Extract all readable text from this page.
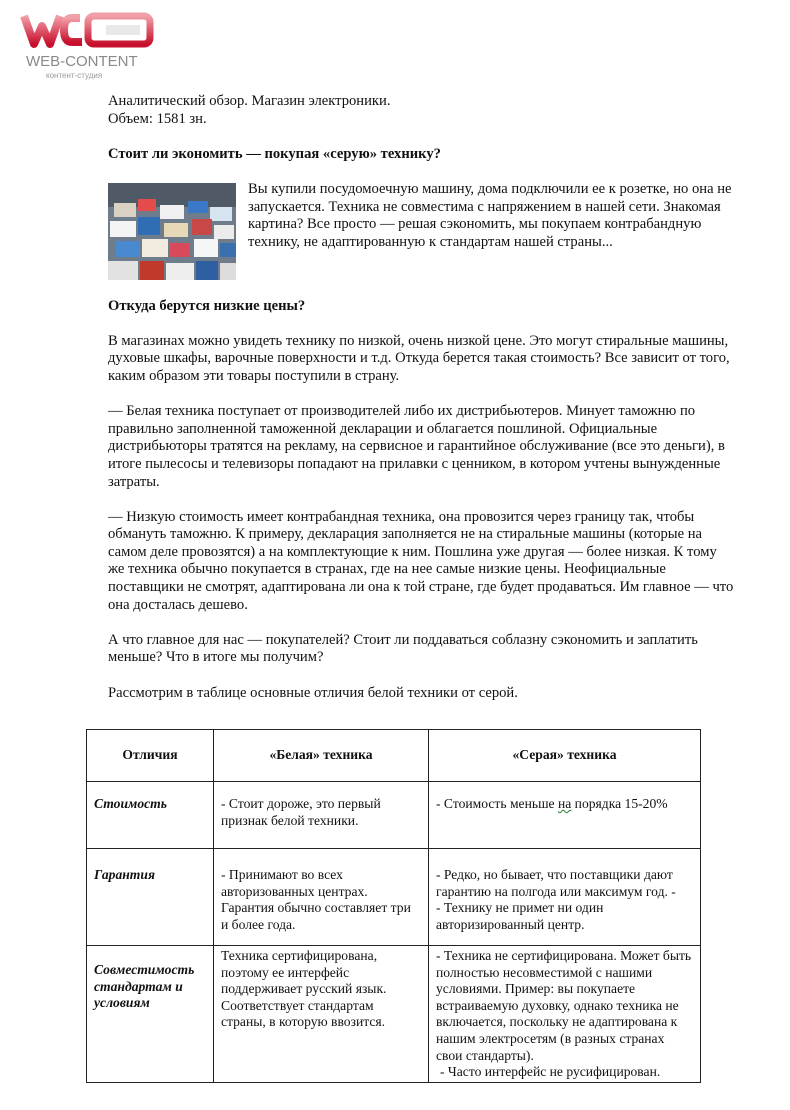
WEB-CONTENT
контент-студия

Аналитический обзор. Магазин электроники.

Объем: 1581 зн.

Стоит ли экономить — покупая «серую» технику?

Вы купили посудомоечную машину, дома подключили ее к розетке, но она не запускается. Техника не совместима с напряжением в нашей сети. Знакомая картина? Все просто — решая сэкономить, мы покупаем контрабандную технику, не адаптированную к стандартам нашей страны...

Откуда берутся низкие цены?

В магазинах можно увидеть технику по низкой, очень низкой цене. Это могут стиральные машины, духовые шкафы, варочные поверхности и т.д. Откуда берется такая стоимость? Все зависит от того, каким образом эти товары поступили в страну.

— Белая техника поступает от производителей либо их дистрибьютеров. Минует таможню по правильно заполненной таможенной декларации и облагается пошлиной. Официальные дистрибьюторы тратятся на рекламу, на сервисное и гарантийное обслуживание (все это деньги), в итоге пылесосы и телевизоры попадают на прилавки с ценником, в котором учтены вынужденные затраты.

— Низкую стоимость имеет контрабандная техника, она провозится через границу так, чтобы обмануть таможню. К примеру, декларация заполняется не на стиральные машины (которые на самом деле провозятся) а на комплектующие к ним. Пошлина уже другая — более низкая. К тому же техника обычно покупается в странах, где на нее самые низкие цены. Неофициальные поставщики не смотрят, адаптирована ли она к той стране, где будет продаваться. Им главное — что она досталась дешево.

А что главное для нас — покупателей? Стоит ли поддаваться соблазну сэкономить и заплатить меньше? Что в итоге мы получим?

Рассмотрим в таблице основные отличия белой техники от серой.

Отличия	«Белая» техника	«Серая» техника
Стоимость	- Стоит дороже, это первый признак белой техники.	- Стоимость меньше на порядка 15-20%
Гарантия	- Принимают во всех авторизованных центрах. Гарантия обычно составляет три и более года.	- Редко, но бывает, что поставщики дают гарантию на полгода или максимум год. -
- Технику не примет ни один авторизированный центр.

Совместимость стандартам и условиям	Техника сертифицирована, поэтому ее интерфейс поддерживает русский язык. Соответствует стандартам страны, в которую ввозится.	- Техника не сертифицирована. Может быть полностью несовместимой с нашими условиями. Пример: вы покупаете встраиваемую духовку, однако техника не включается, поскольку не адаптирована к нашим электросетям (в разных странах свои стандарты).
- Часто интерфейс не русифицирован.
